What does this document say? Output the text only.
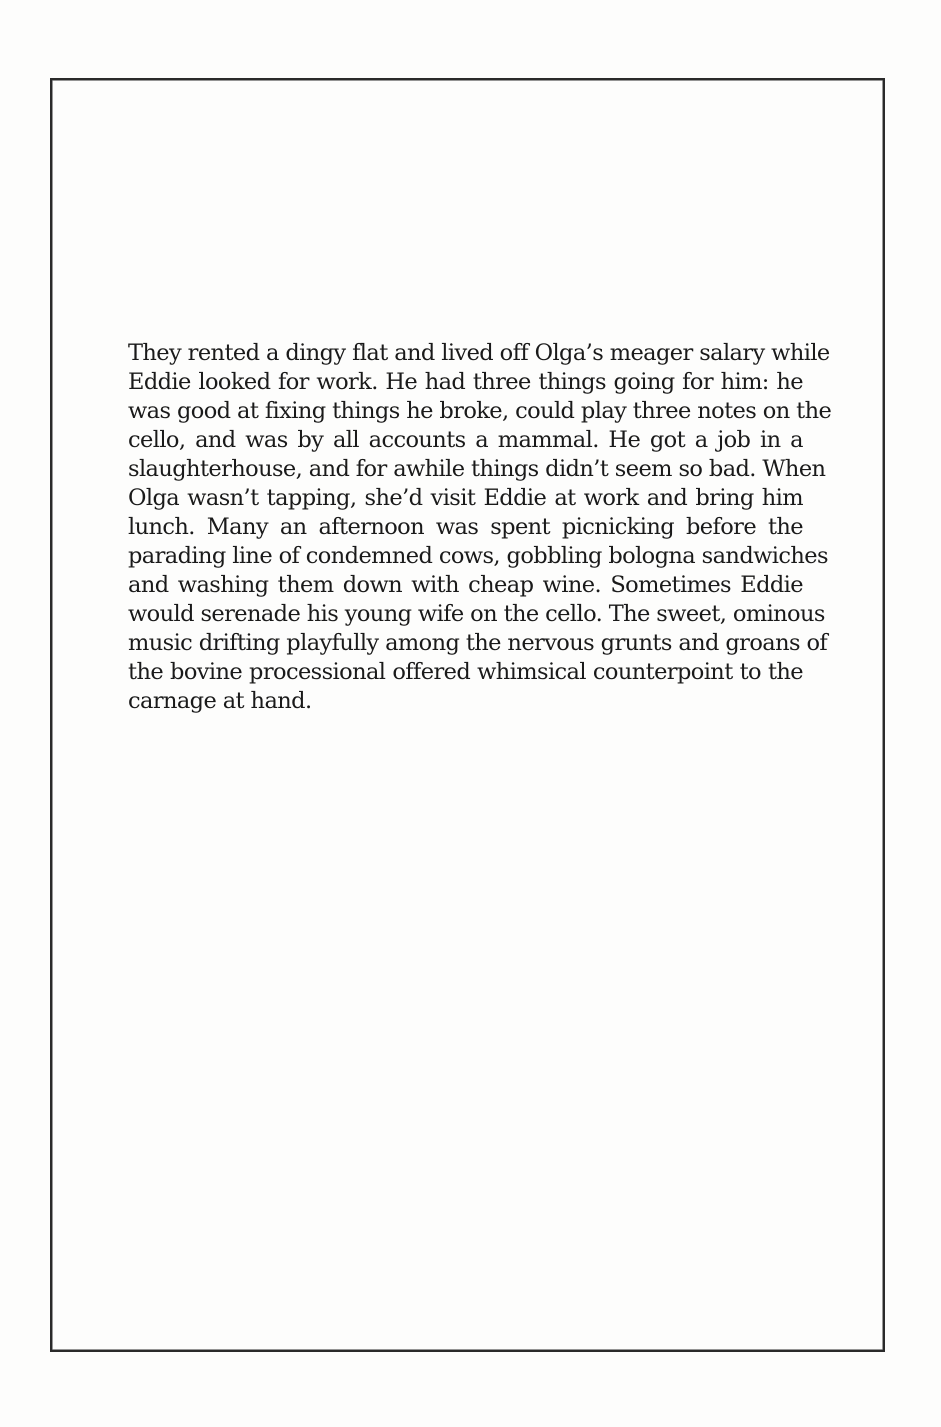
They rented a dingy flat and lived off Olga’s meager salary while
Eddie looked for work. He had three things going for him: he
was good at fixing things he broke, could play three notes on the
cello, and was by all accounts a mammal. He got a job in a
slaughterhouse, and for awhile things didn’t seem so bad. When
Olga wasn’t tapping, she’d visit Eddie at work and bring him
lunch. Many an afternoon was spent picnicking before the
parading line of condemned cows, gobbling bologna sandwiches
and washing them down with cheap wine. Sometimes Eddie
would serenade his young wife on the cello. The sweet, ominous
music drifting playfully among the nervous grunts and groans of
the bovine processional offered whimsical counterpoint to the
carnage at hand.
